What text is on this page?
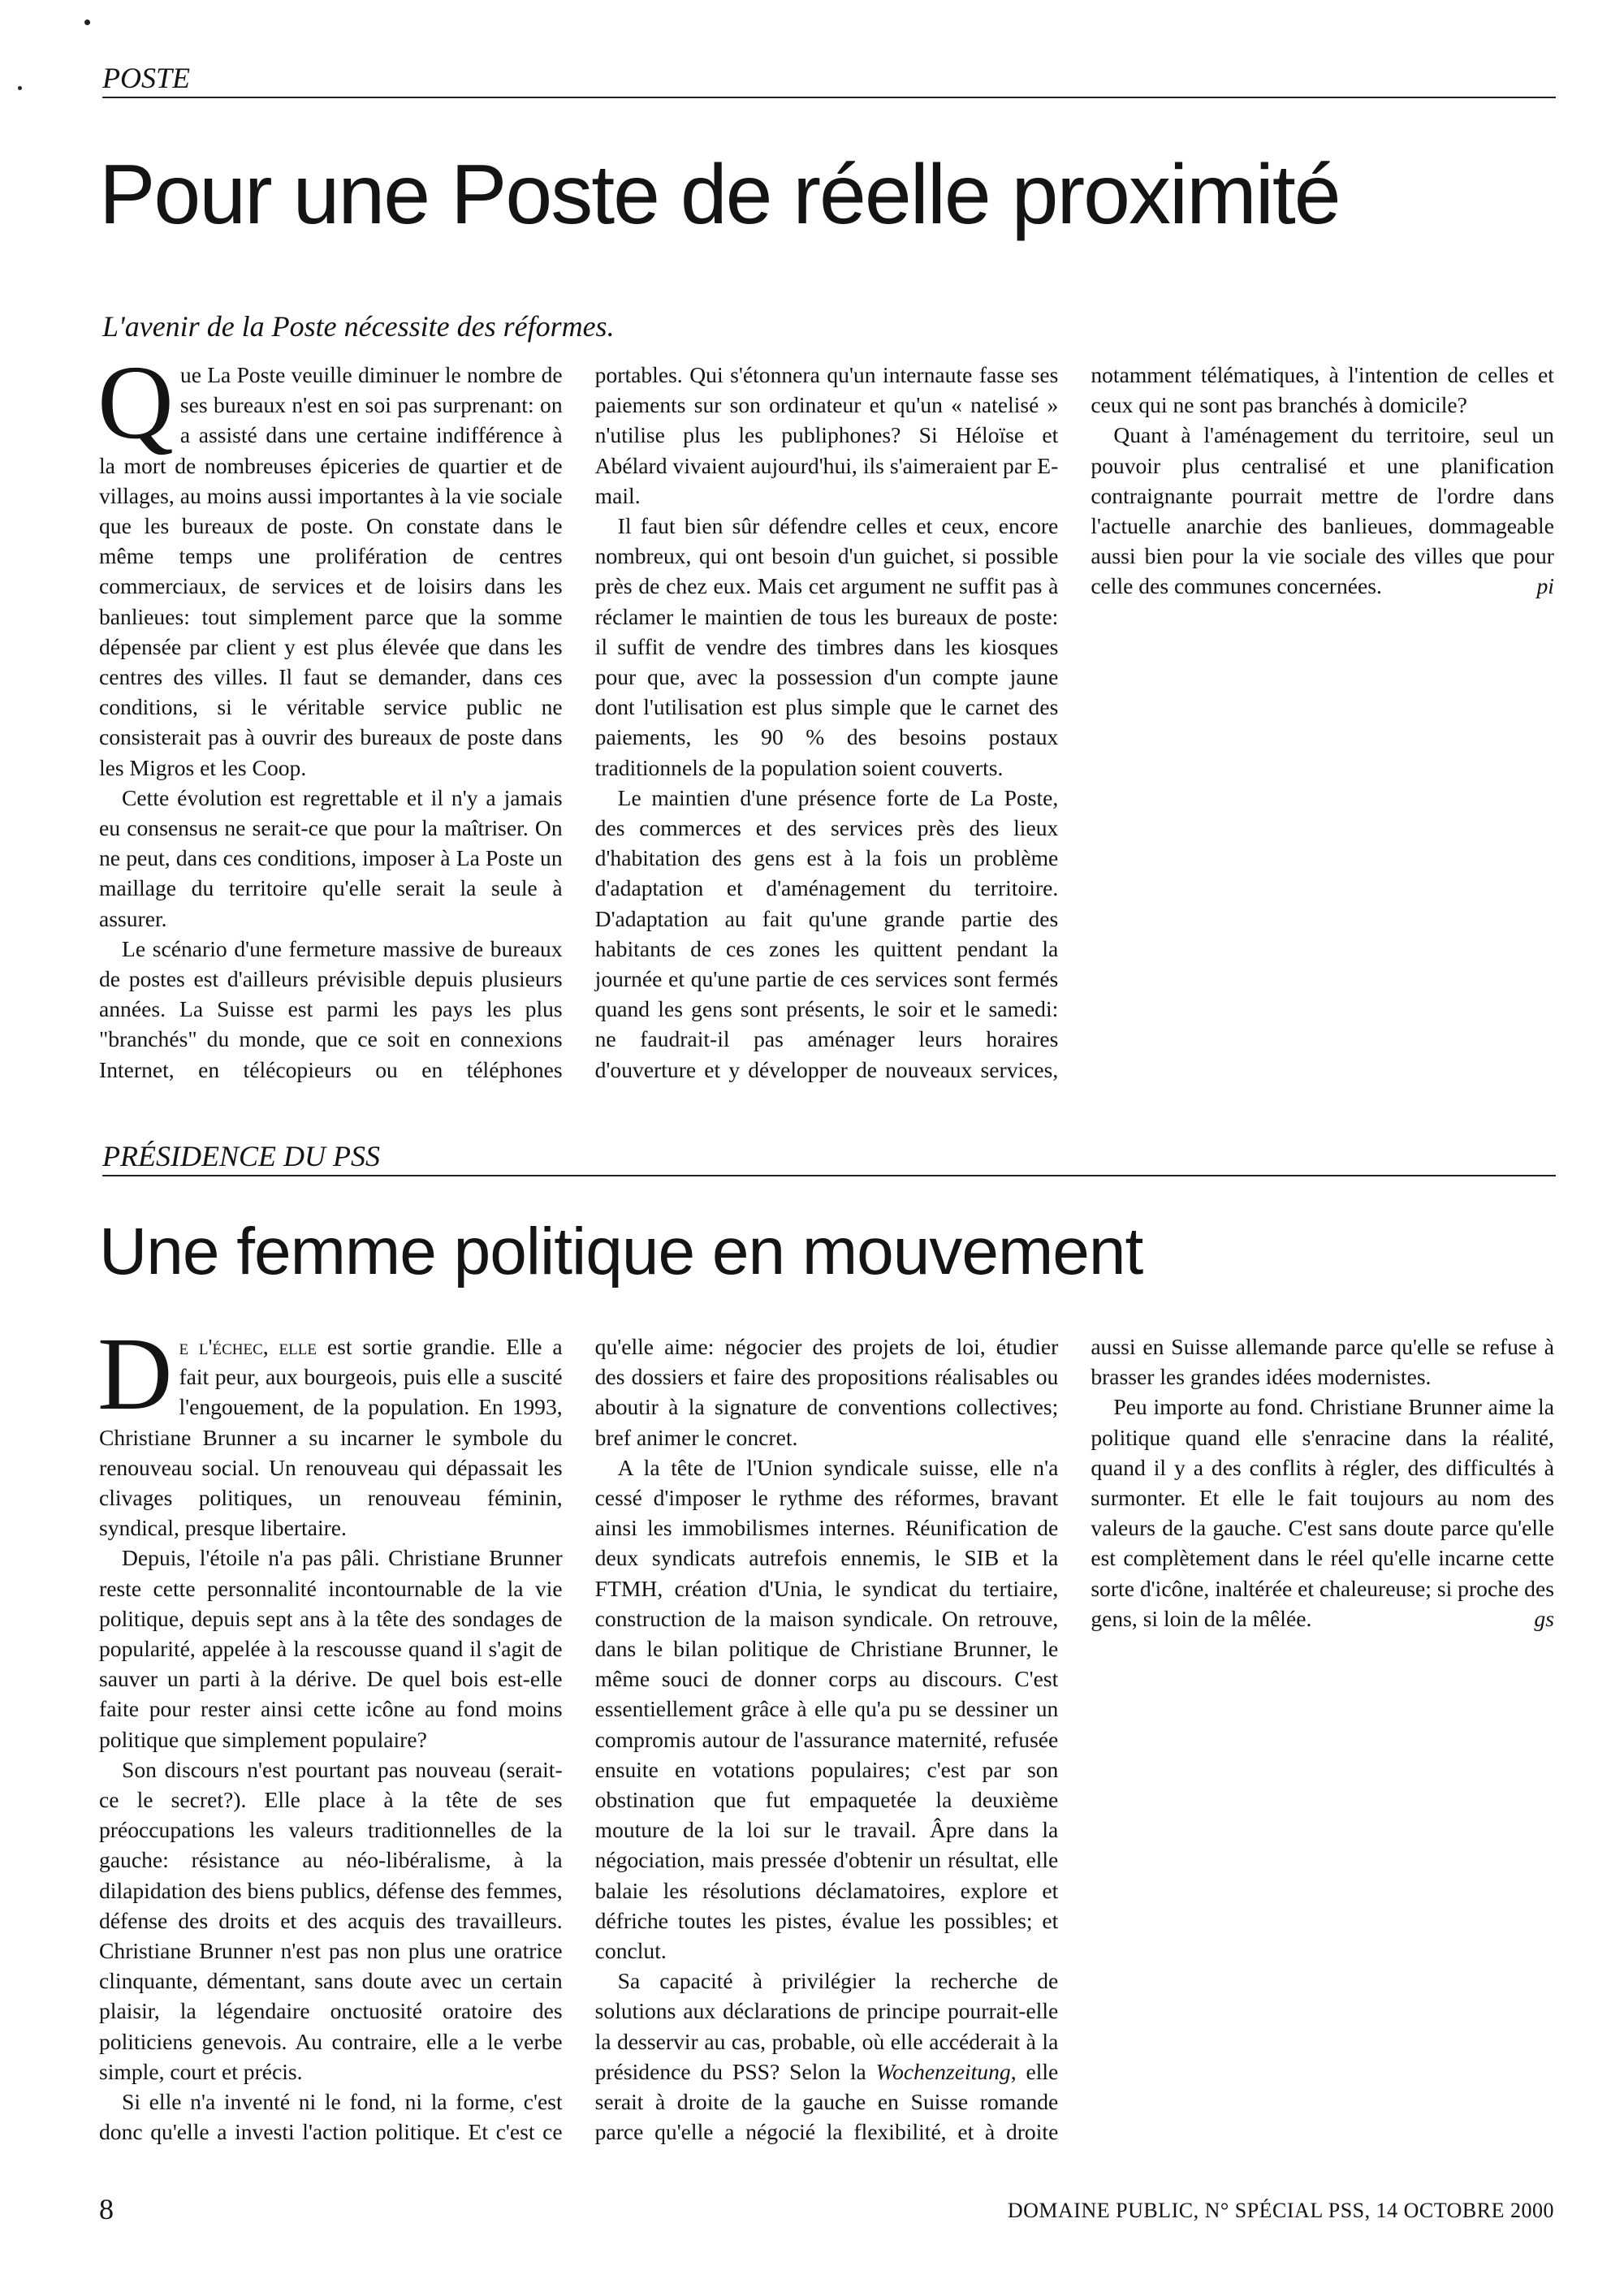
POSTE
Pour une Poste de réelle proximité
L'avenir de la Poste nécessite des réformes.

Que La Poste veuille diminuer le nombre de ses bureaux n'est en soi pas surprenant: on a assisté dans une certaine indifférence à la mort de nombreuses épiceries de quartier et de villages, au moins aussi importantes à la vie sociale que les bureaux de poste. On constate dans le même temps une prolifération de centres commerciaux, de services et de loisirs dans les banlieues: tout simplement parce que la somme dépensée par client y est plus élevée que dans les centres des villes. Il faut se demander, dans ces conditions, si le véritable service public ne consisterait pas à ouvrir des bureaux de poste dans les Migros et les Coop.

Cette évolution est regrettable et il n'y a jamais eu consensus ne serait-ce que pour la maîtriser. On ne peut, dans ces conditions, imposer à La Poste un maillage du territoire qu'elle serait la seule à assurer.

Le scénario d'une fermeture massive de bureaux de postes est d'ailleurs prévisible depuis plusieurs années. La Suisse est parmi les pays les plus "branchés" du monde, que ce soit en connexions Internet, en télécopieurs ou en téléphones portables. Qui s'étonnera qu'un internaute fasse ses paiements sur son ordinateur et qu'un « natelisé » n'utilise plus les publiphones? Si Héloïse et Abélard vivaient aujourd'hui, ils s'aimeraient par E-mail.

Il faut bien sûr défendre celles et ceux, encore nombreux, qui ont besoin d'un guichet, si possible près de chez eux. Mais cet argument ne suffit pas à réclamer le maintien de tous les bureaux de poste: il suffit de vendre des timbres dans les kiosques pour que, avec la possession d'un compte jaune dont l'utilisation est plus simple que le carnet des paiements, les 90 % des besoins postaux traditionnels de la population soient couverts.

Le maintien d'une présence forte de La Poste, des commerces et des services près des lieux d'habitation des gens est à la fois un problème d'adaptation et d'aménagement du territoire. D'adaptation au fait qu'une grande partie des habitants de ces zones les quittent pendant la journée et qu'une partie de ces services sont fermés quand les gens sont présents, le soir et le samedi: ne faudrait-il pas aménager leurs horaires d'ouverture et y développer de nouveaux services, notamment télématiques, à l'intention de celles et ceux qui ne sont pas branchés à domicile?

Quant à l'aménagement du territoire, seul un pouvoir plus centralisé et une planification contraignante pourrait mettre de l'ordre dans l'actuelle anarchie des banlieues, dommageable aussi bien pour la vie sociale des villes que pour celle des communes concernées.	pi

PRÉSIDENCE DU PSS
Une femme politique en mouvement

De l'échec, elle est sortie grandie. Elle a fait peur, aux bourgeois, puis elle a suscité l'engouement, de la population. En 1993, Christiane Brunner a su incarner le symbole du renouveau social. Un renouveau qui dépassait les clivages politiques, un renouveau féminin, syndical, presque libertaire.

Depuis, l'étoile n'a pas pâli. Christiane Brunner reste cette personnalité incontournable de la vie politique, depuis sept ans à la tête des sondages de popularité, appelée à la rescousse quand il s'agit de sauver un parti à la dérive. De quel bois est-elle faite pour rester ainsi cette icône au fond moins politique que simplement populaire?

Son discours n'est pourtant pas nouveau (serait-ce le secret?). Elle place à la tête de ses préoccupations les valeurs traditionnelles de la gauche: résistance au néo-libéralisme, à la dilapidation des biens publics, défense des femmes, défense des droits et des acquis des travailleurs. Christiane Brunner n'est pas non plus une oratrice clinquante, démentant, sans doute avec un certain plaisir, la légendaire onctuosité oratoire des politiciens genevois. Au contraire, elle a le verbe simple, court et précis.

Si elle n'a inventé ni le fond, ni la forme, c'est donc qu'elle a investi l'action politique. Et c'est ce qu'elle aime: négocier des projets de loi, étudier des dossiers et faire des propositions réalisables ou aboutir à la signature de conventions collectives; bref animer le concret.

A la tête de l'Union syndicale suisse, elle n'a cessé d'imposer le rythme des réformes, bravant ainsi les immobilismes internes. Réunification de deux syndicats autrefois ennemis, le SIB et la FTMH, création d'Unia, le syndicat du tertiaire, construction de la maison syndicale. On retrouve, dans le bilan politique de Christiane Brunner, le même souci de donner corps au discours. C'est essentiellement grâce à elle qu'a pu se dessiner un compromis autour de l'assurance maternité, refusée ensuite en votations populaires; c'est par son obstination que fut empaquetée la deuxième mouture de la loi sur le travail. Âpre dans la négociation, mais pressée d'obtenir un résultat, elle balaie les résolutions déclamatoires, explore et défriche toutes les pistes, évalue les possibles; et conclut.

Sa capacité à privilégier la recherche de solutions aux déclarations de principe pourrait-elle la desservir au cas, probable, où elle accéderait à la présidence du PSS? Selon la Wochenzeitung, elle serait à droite de la gauche en Suisse romande parce qu'elle a négocié la flexibilité, et à droite aussi en Suisse allemande parce qu'elle se refuse à brasser les grandes idées modernistes.

Peu importe au fond. Christiane Brunner aime la politique quand elle s'enracine dans la réalité, quand il y a des conflits à régler, des difficultés à surmonter. Et elle le fait toujours au nom des valeurs de la gauche. C'est sans doute parce qu'elle est complètement dans le réel qu'elle incarne cette sorte d'icône, inaltérée et chaleureuse; si proche des gens, si loin de la mêlée.	gs

8	DOMAINE PUBLIC, N° SPÉCIAL PSS, 14 OCTOBRE 2000
